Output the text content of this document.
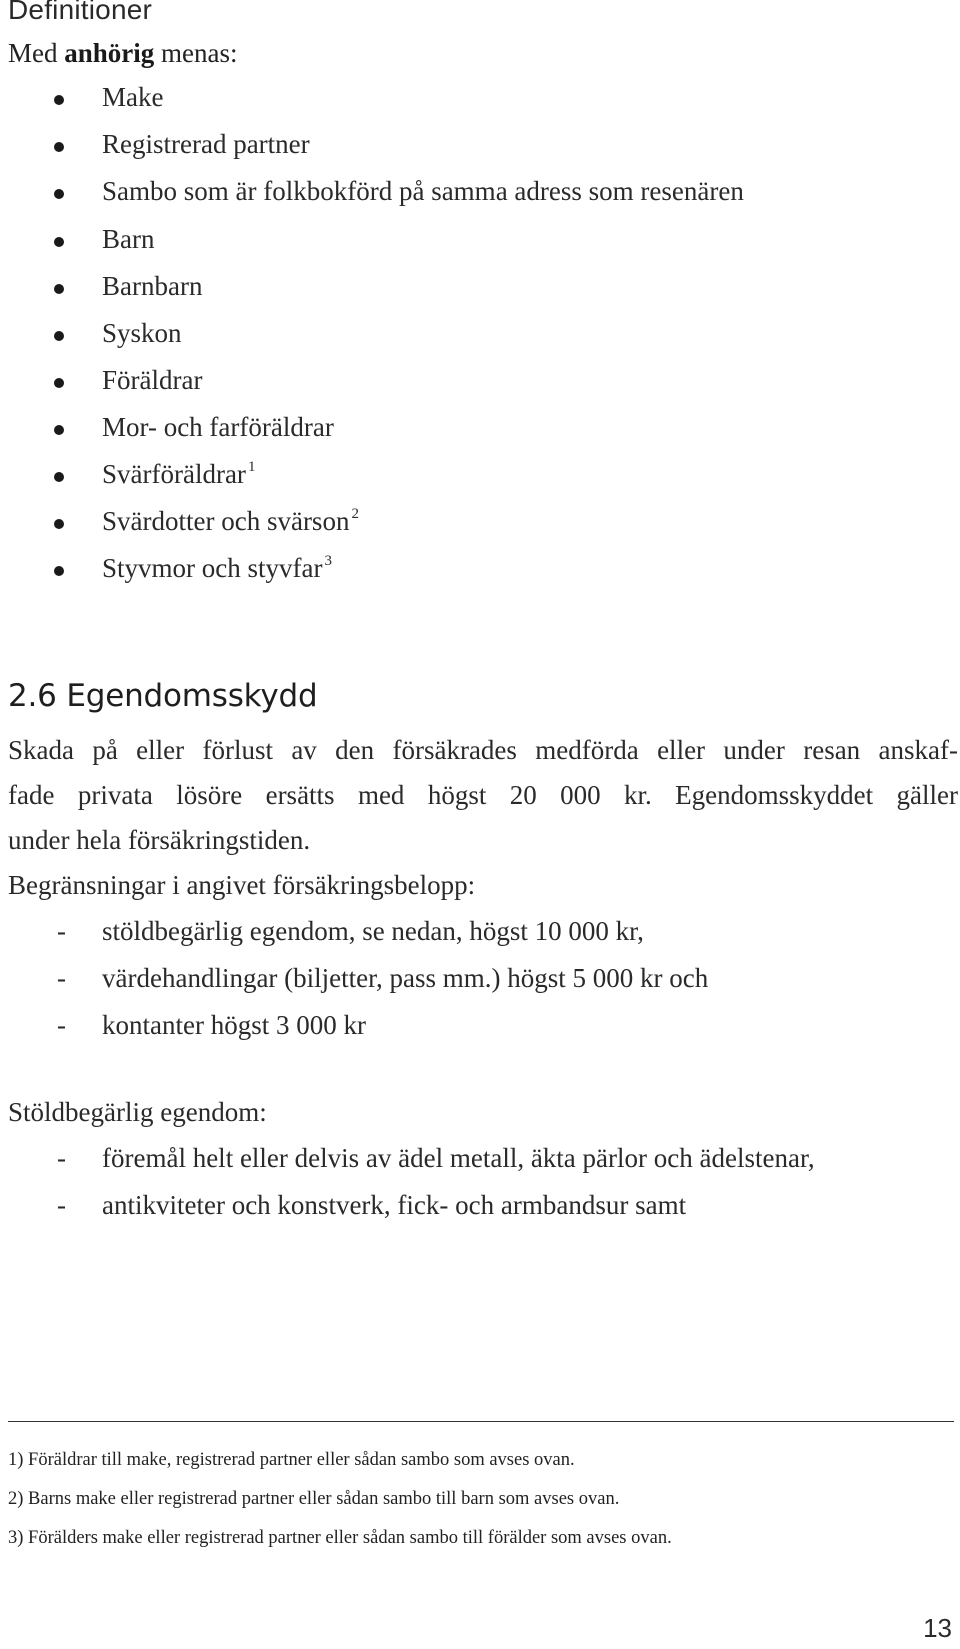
Definitioner
Med anhörig menas:
Make
Registrerad partner
Sambo som är folkbokförd på samma adress som resenären
Barn
Barnbarn
Syskon
Föräldrar
Mor- och farföräldrar
Svärföräldrar $^1$
Svärdotter och svärson $^2$
Styvmor och styvfar $^3$
2.6 Egendomsskydd
Skada på eller förlust av den försäkrades medförda eller under resan anskaf-
fade privata lösöre ersätts med högst 20 000 kr. Egendomsskyddet gäller
under hela försäkringstiden.
Begränsningar i angivet försäkringsbelopp:
- stöldbegärlig egendom, se nedan, högst 10 000 kr,
- värdehandlingar (biljetter, pass mm.) högst 5 000 kr och
- kontanter högst 3 000 kr
Stöldbegärlig egendom:
- föremål helt eller delvis av ädel metall, äkta pärlor och ädelstenar,
- antikviteter och konstverk, fick- och armbandsur samt
1) Föräldrar till make, registrerad partner eller sådan sambo som avses ovan.
2) Barns make eller registrerad partner eller sådan sambo till barn som avses ovan.
3) Förälders make eller registrerad partner eller sådan sambo till förälder som avses ovan.
13
